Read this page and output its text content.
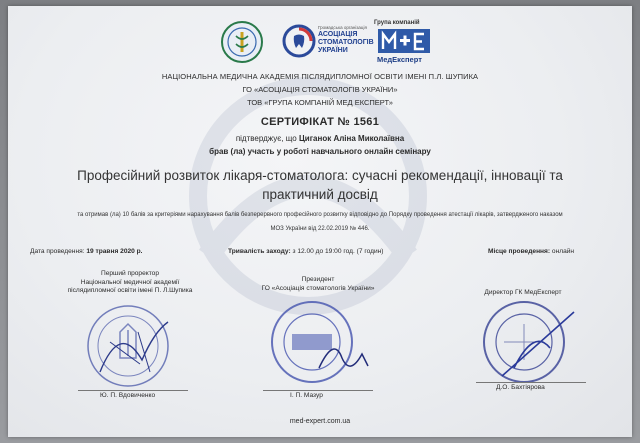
Громадська організація
АСОЦІАЦІЯ СТОМАТОЛОГІВ УКРАЇНИ
Група компаній
МедЕксперт
НАЦІОНАЛЬНА МЕДИЧНА АКАДЕМІЯ ПІСЛЯДИПЛОМНОЇ ОСВІТИ ІМЕНІ П.Л. ШУПИКА
ГО «АСОЦІАЦІЯ СТОМАТОЛОГІВ УКРАЇНИ»
ТОВ «ГРУПА КОМПАНІЙ МЕД ЕКСПЕРТ»
СЕРТИФІКАТ № 1561
підтверджує, що Циганок Аліна Миколаївна
брав (ла) участь у роботі навчального онлайн семінару
Професійний розвиток лікаря-стоматолога: сучасні рекомендації, інновації та практичний досвід
та отримав (ла) 10 балів за критеріями нарахування балів безперервного професійного розвитку відповідно до Порядку проведення атестації лікарів, затвердженого наказом
МОЗ України від 22.02.2019 № 446.
Дата проведення: 19 травня 2020 р.	Тривалість заходу: з 12.00 до 19:00 год. (7 годин)	Місце проведення: онлайн
Перший проректор
Національної медичної академії
післядипломної освіти імені П. Л.Шупика
Президент
ГО «Асоціація стоматологів України»
Директор ГК МедЕксперт
Ю. П. Вдовиченко	І. П. Мазур
Д.О. Бахтіярова
med-expert.com.ua
